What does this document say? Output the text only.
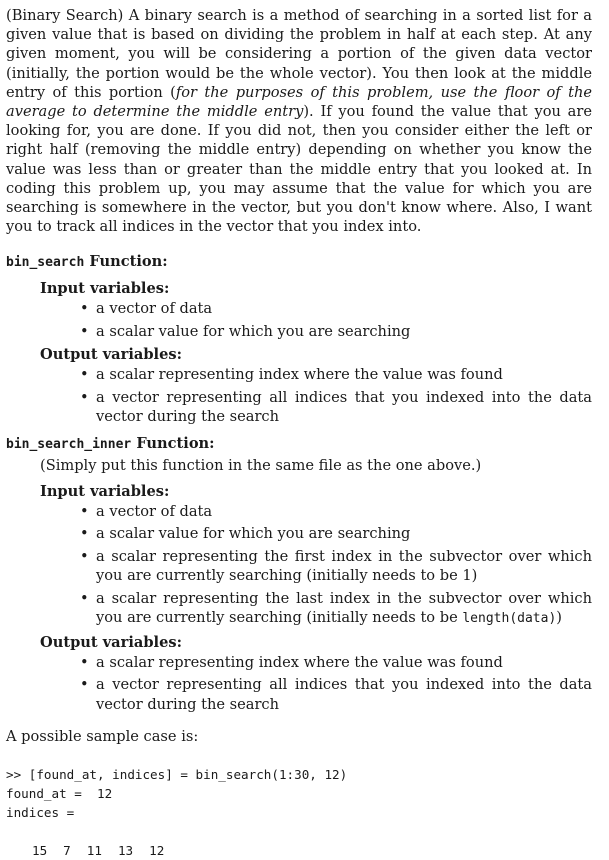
(Binary Search) A binary search is a method of searching in a sorted list for a given value that is based on dividing the problem in half at each step. At any given moment, you will be considering a portion of the given data vector (initially, the portion would be the whole vector). You then look at the middle entry of this portion (for the purposes of this problem, use the floor of the average to determine the middle entry). If you found the value that you are looking for, you are done. If you did not, then you consider either the left or right half (removing the middle entry) depending on whether you know the value was less than or greater than the middle entry that you looked at. In coding this problem up, you may assume that the value for which you are searching is somewhere in the vector, but you don't know where. Also, I want you to track all indices in the vector that you index into.

bin_search Function:

Input variables:

• a vector of data
• a scalar value for which you are searching

Output variables:

• a scalar representing index where the value was found
• a vector representing all indices that you indexed into the data vector during the search

bin_search_inner Function:

(Simply put this function in the same file as the one above.)

Input variables:

• a vector of data
• a scalar value for which you are searching
• a scalar representing the first index in the subvector over which you are currently searching (initially needs to be 1)
• a scalar representing the last index in the subvector over which you are currently searching (initially needs to be length(data))

Output variables:

• a scalar representing index where the value was found
• a vector representing all indices that you indexed into the data vector during the search

A possible sample case is:

>> [found_at, indices] = bin_search(1:30, 12)

found_at =  12

indices =

15 7 11 13 12
